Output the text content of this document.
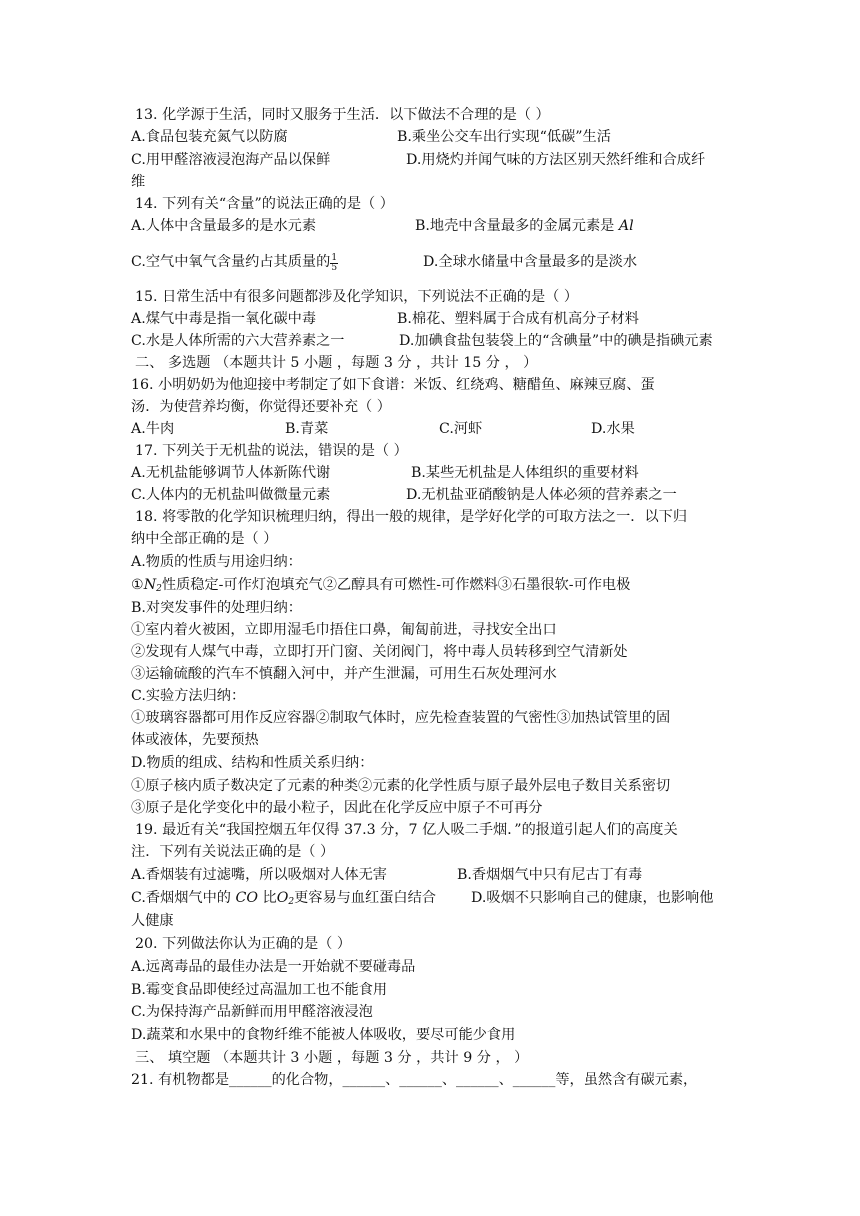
13. 化学源于生活，同时又服务于生活．以下做法不合理的是（ ）
A.食品包装充氮气以防腐	B.乘坐公交车出行实现“低碳”生活
C.用甲醛溶液浸泡海产品以保鲜	D.用烧灼并闻气味的方法区别天然纤维和合成纤
维
14. 下列有关“含量”的说法正确的是（ ）
A.人体中含量最多的是水元素	B.地壳中含量最多的金属元素是 Al
C.空气中氧气含量约占其质量的 $\frac{1}{5}$	D.全球水储量中含量最多的是淡水
15. 日常生活中有很多问题都涉及化学知识，下列说法不正确的是（ ）
A.煤气中毒是指一氧化碳中毒	B.棉花、塑料属于合成有机高分子材料
C.水是人体所需的六大营养素之一	D.加碘食盐包装袋上的“含碘量”中的碘是指碘元素
二、 多选题 （本题共计 5 小题 ，每题 3 分 ，共计 15 分 ， ）
16. 小明奶奶为他迎接中考制定了如下食谱：米饭、红绕鸡、糖醋鱼、麻辣豆腐、蛋
汤．为使营养均衡，你觉得还要补充（ ）
A.牛肉	B.青菜	C.河虾	D.水果
17. 下列关于无机盐的说法，错误的是（ ）
A.无机盐能够调节人体新陈代谢	B.某些无机盐是人体组织的重要材料
C.人体内的无机盐叫做微量元素	D.无机盐亚硝酸钠是人体必须的营养素之一
18. 将零散的化学知识梳理归纳，得出一般的规律，是学好化学的可取方法之一．以下归
纳中全部正确的是（ ）
A.物质的性质与用途归纳：
$①N_2$性质稳定-可作灯泡填充气②乙醇具有可燃性-可作燃料③石墨很软-可作电极
B.对突发事件的处理归纳：
①室内着火被困，立即用湿毛巾捂住口鼻，匍匐前进，寻找安全出口
②发现有人煤气中毒，立即打开门窗、关闭阀门，将中毒人员转移到空气清新处
③运输硫酸的汽车不慎翻入河中，并产生泄漏，可用生石灰处理河水
C.实验方法归纳：
①玻璃容器都可用作反应容器②制取气体时，应先检查装置的气密性③加热试管里的固
体或液体，先要预热
D.物质的组成、结构和性质关系归纳：
①原子核内质子数决定了元素的种类②元素的化学性质与原子最外层电子数目关系密切
③原子是化学变化中的最小粒子，因此在化学反应中原子不可再分
19. 最近有关“我国控烟五年仅得 37.3 分，7 亿人吸二手烟．”的报道引起人们的高度关
注．下列有关说法正确的是（ ）
A.香烟装有过滤嘴，所以吸烟对人体无害	B.香烟烟气中只有尼古丁有毒
C.香烟烟气中的 CO 比$O_2$更容易与血红蛋白结合 D.吸烟不只影响自己的健康，也影响他
人健康
20. 下列做法你认为正确的是（ ）
A.远离毒品的最佳办法是一开始就不要碰毒品
B.霉变食品即使经过高温加工也不能食用
C.为保持海产品新鲜而用甲醛溶液浸泡
D.蔬菜和水果中的食物纤维不能被人体吸收，要尽可能少食用
三、 填空题 （本题共计 3 小题 ，每题 3 分 ，共计 9 分 ， ）
21. 有机物都是______的化合物，______、______、______、______等，虽然含有碳元素，
